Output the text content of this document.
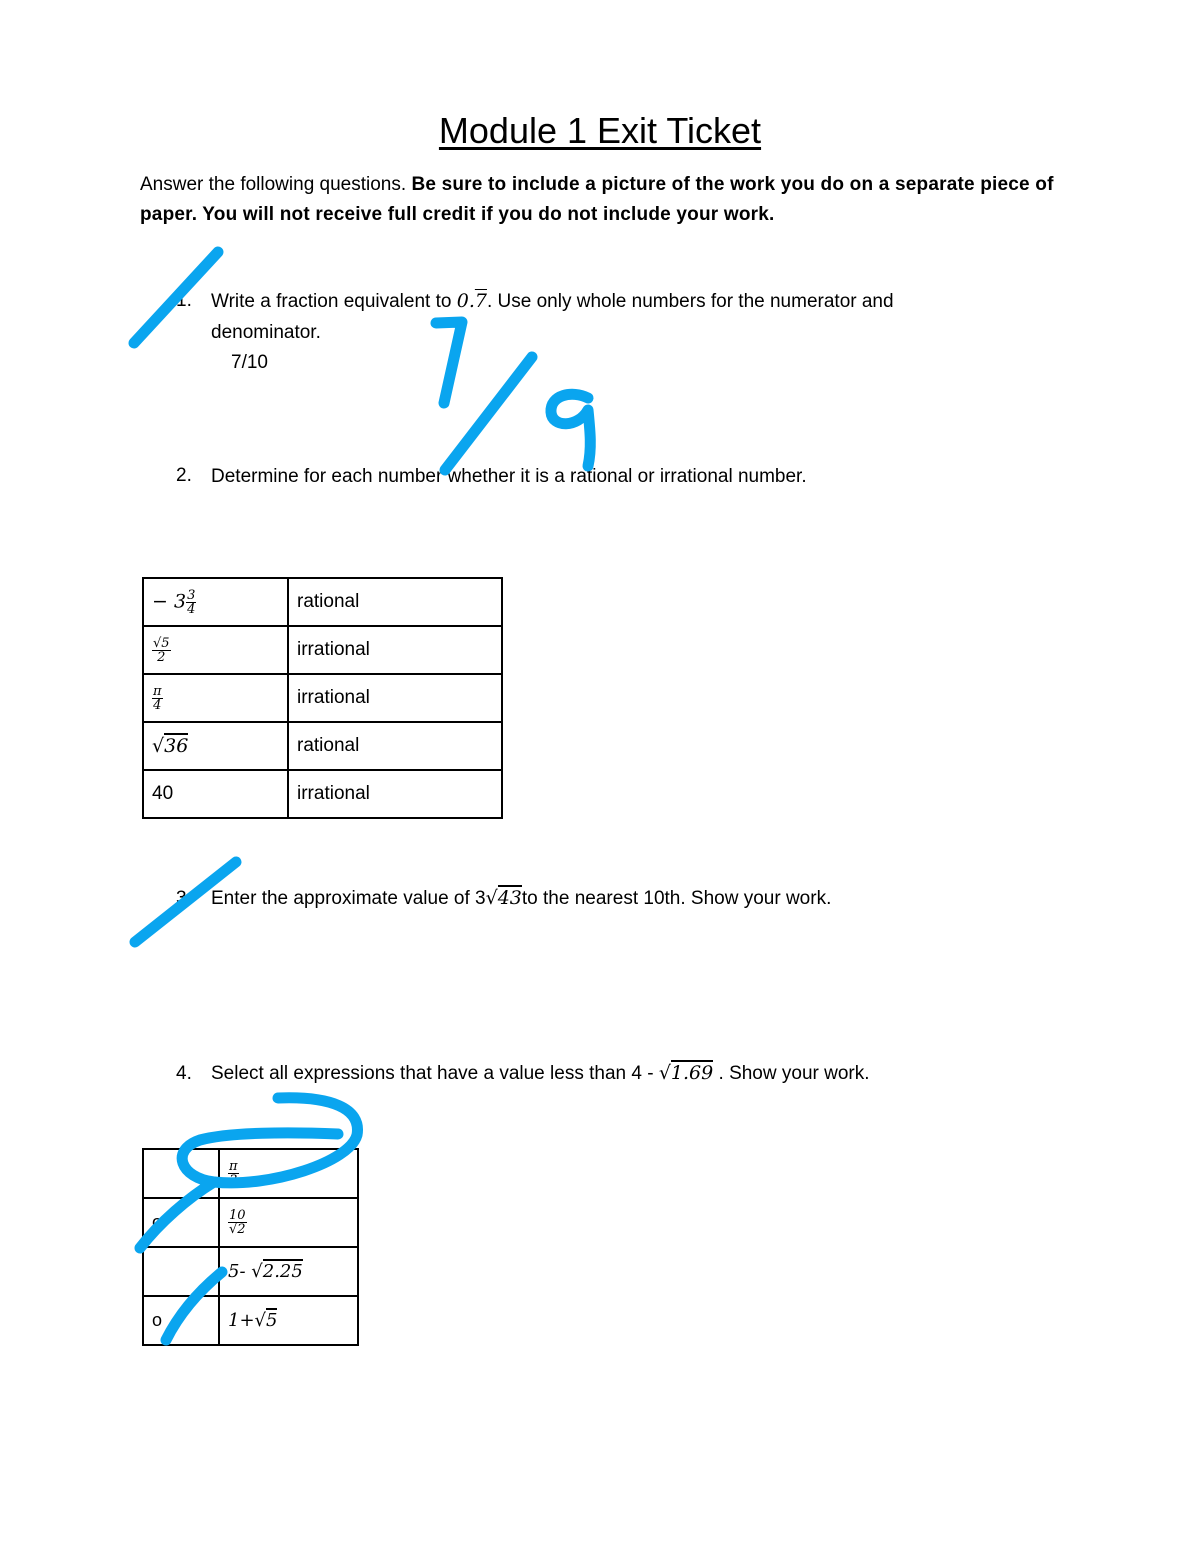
Module 1 Exit Ticket
Answer the following questions. Be sure to include a picture of the work you do on a separate piece of paper. You will not receive full credit if you do not include your work.
1. Write a fraction equivalent to 0.7. Use only whole numbers for the numerator and
denominator.
7/10
2. Determine for each number whether it is a rational or irrational number.
− $3 \frac{3}{4}$	rational

$\frac{√5}{2}$	irrational

$\frac{\pi}{4}$	irrational
√36	rational
40	irrational
3. Enter the approximate value of 3√43to the nearest 10th. Show your work.
4. Select all expressions that have a value less than 4 - √1.69 . Show your work.

	$\frac{\pi}{3}$

o	$\frac{10}{√2}$

	5- √2.25
o	1+√5
